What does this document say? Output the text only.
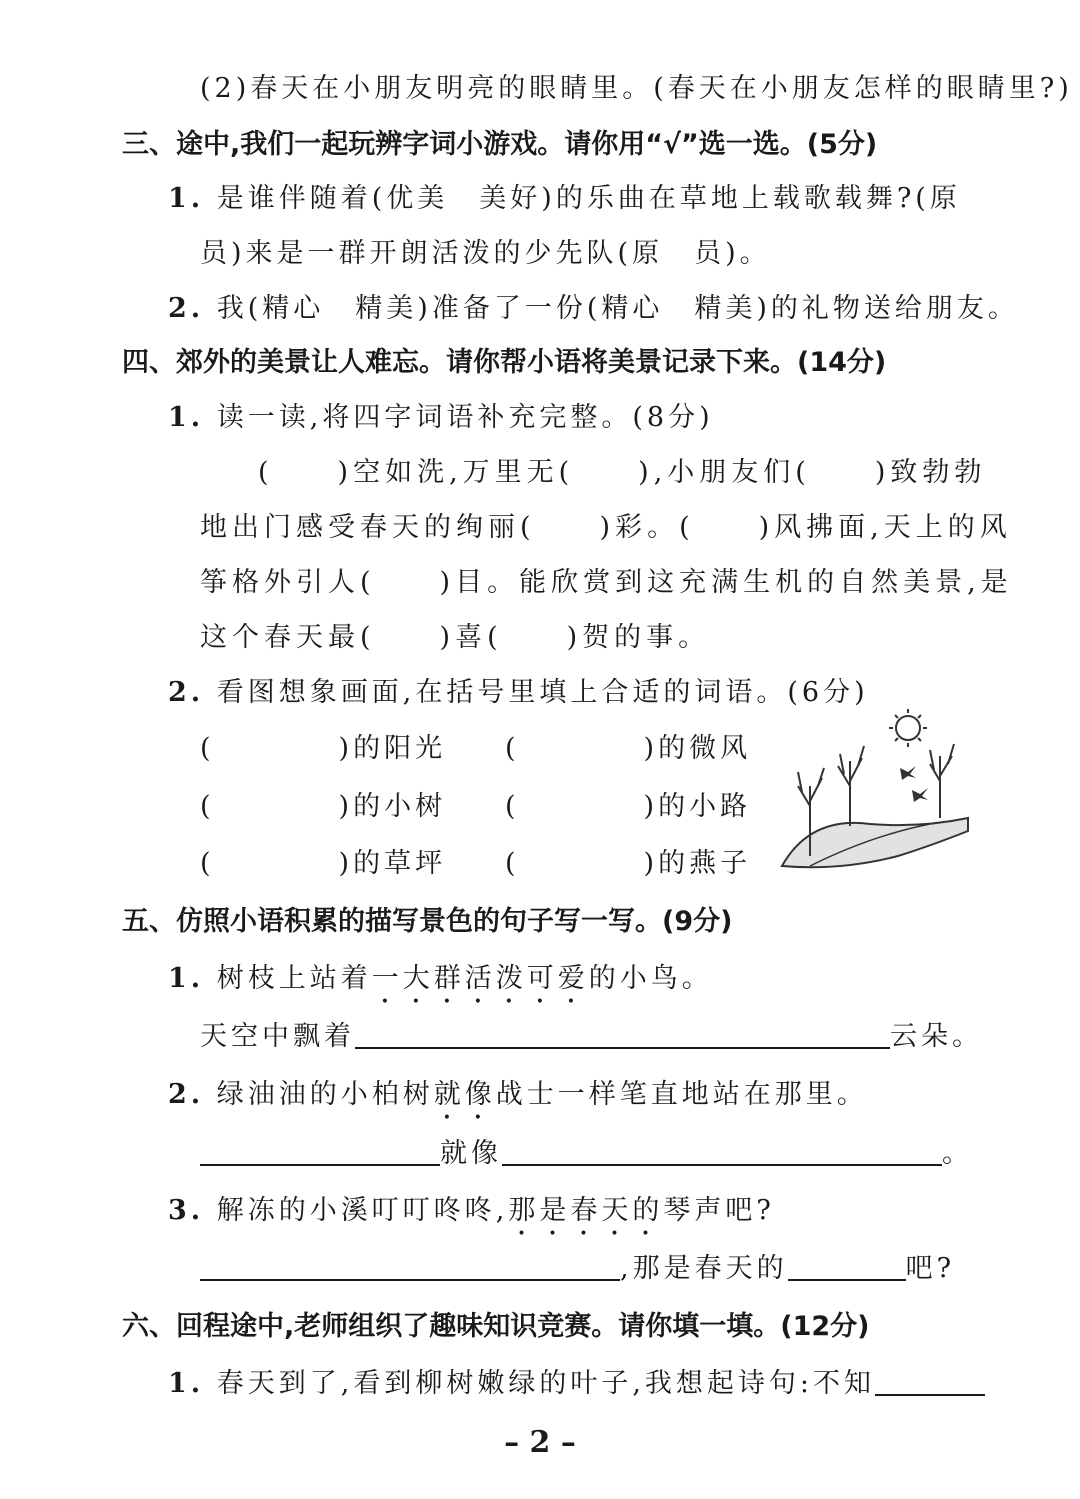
(2)春天在小朋友明亮的眼睛里。(春天在小朋友怎样的眼睛里?)
三、途中,我们一起玩辨字词小游戏。请你用“√”选一选。(5分)
1. 是谁伴随着(优美　美好)的乐曲在草地上载歌载舞?(原
员)来是一群开朗活泼的少先队(原　员)。
2. 我(精心　精美)准备了一份(精心　精美)的礼物送给朋友。
四、郊外的美景让人难忘。请你帮小语将美景记录下来。(14分)
1. 读一读,将四字词语补充完整。(8分)
(　　)空如洗,万里无(　　),小朋友们(　　)致勃勃
地出门感受春天的绚丽(　　)彩。(　　)风拂面,天上的风
筝格外引人(　　)目。能欣赏到这充满生机的自然美景,是
这个春天最(　　)喜(　　)贺的事。
2. 看图想象画面,在括号里填上合适的词语。(6分)
(　　　　)的阳光 (　　　　)的微风
(　　　　)的小树 (　　　　)的小路
(　　　　)的草坪 (　　　　)的燕子
五、仿照小语积累的描写景色的句子写一写。(9分)
1. 树枝上站着一大群活泼可爱的小鸟。
天空中飘着	云朵。
2. 绿油油的小柏树就像战士一样笔直地站在那里。
就像	。
3. 解冻的小溪叮叮咚咚,那是春天的琴声吧?
,那是春天的	吧?
六、回程途中,老师组织了趣味知识竞赛。请你填一填。(12分)
1. 春天到了,看到柳树嫩绿的叶子,我想起诗句:不知
– 2 –
